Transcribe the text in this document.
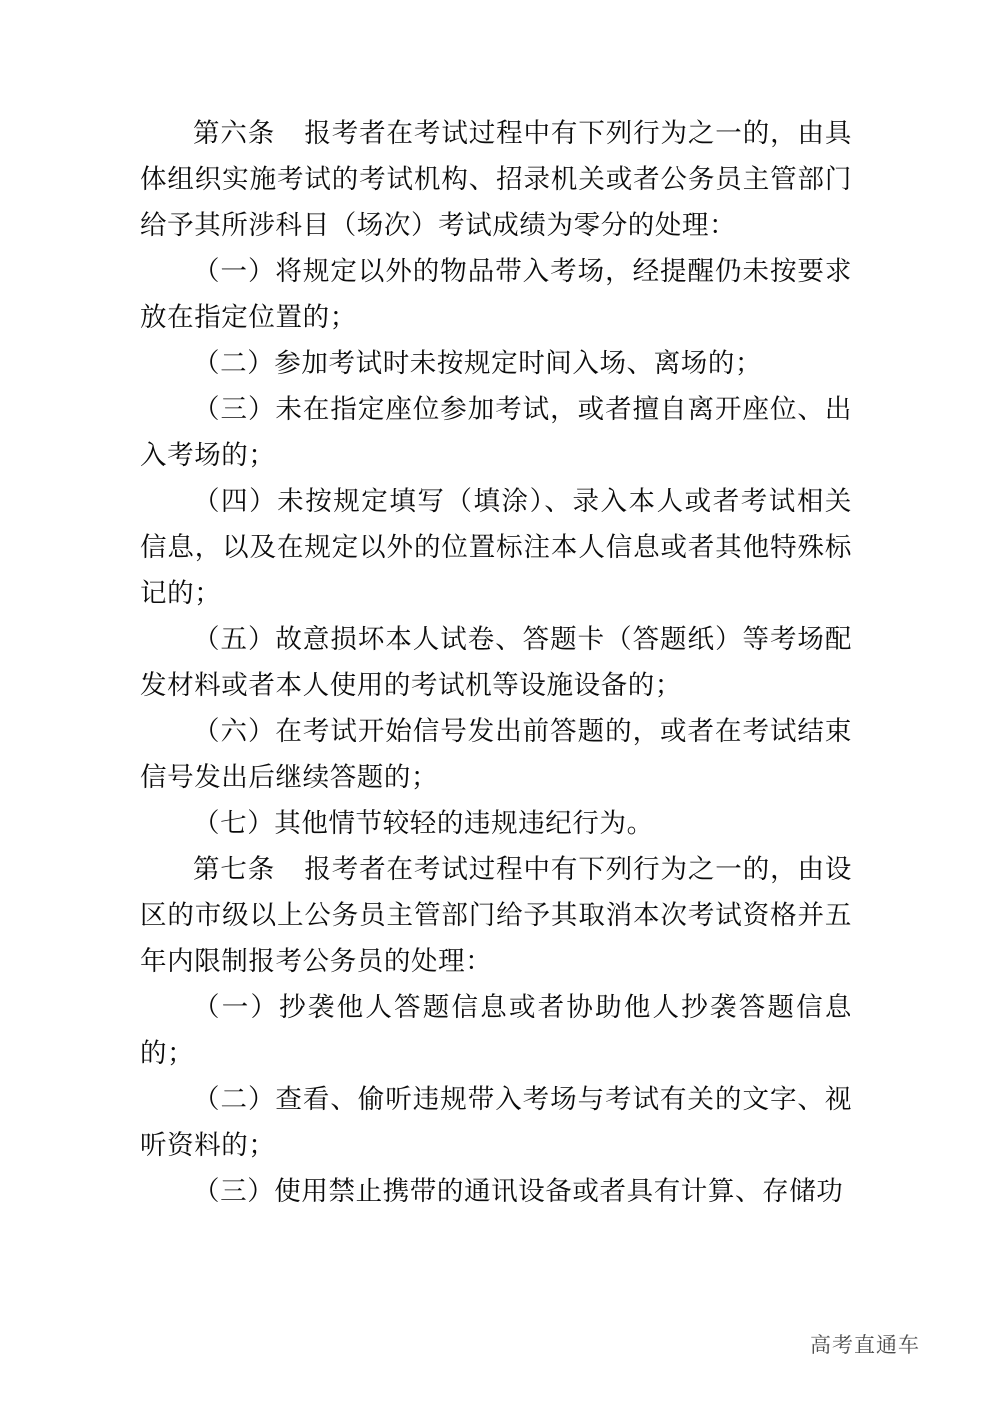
第六条 报考者在考试过程中有下列行为之一的，由具体组织实施考试的考试机构、招录机关或者公务员主管部门给予其所涉科目（场次）考试成绩为零分的处理：

（一）将规定以外的物品带入考场，经提醒仍未按要求放在指定位置的；

（二）参加考试时未按规定时间入场、离场的；

（三）未在指定座位参加考试，或者擅自离开座位、出入考场的；

（四）未按规定填写（填涂）、录入本人或者考试相关信息，以及在规定以外的位置标注本人信息或者其他特殊标记的；

（五）故意损坏本人试卷、答题卡（答题纸）等考场配发材料或者本人使用的考试机等设施设备的；

（六）在考试开始信号发出前答题的，或者在考试结束信号发出后继续答题的；

（七）其他情节较轻的违规违纪行为。

第七条 报考者在考试过程中有下列行为之一的，由设区的市级以上公务员主管部门给予其取消本次考试资格并五年内限制报考公务员的处理：

（一）抄袭他人答题信息或者协助他人抄袭答题信息的；

（二）查看、偷听违规带入考场与考试有关的文字、视听资料的；

（三）使用禁止携带的通讯设备或者具有计算、存储功

高考直通车
